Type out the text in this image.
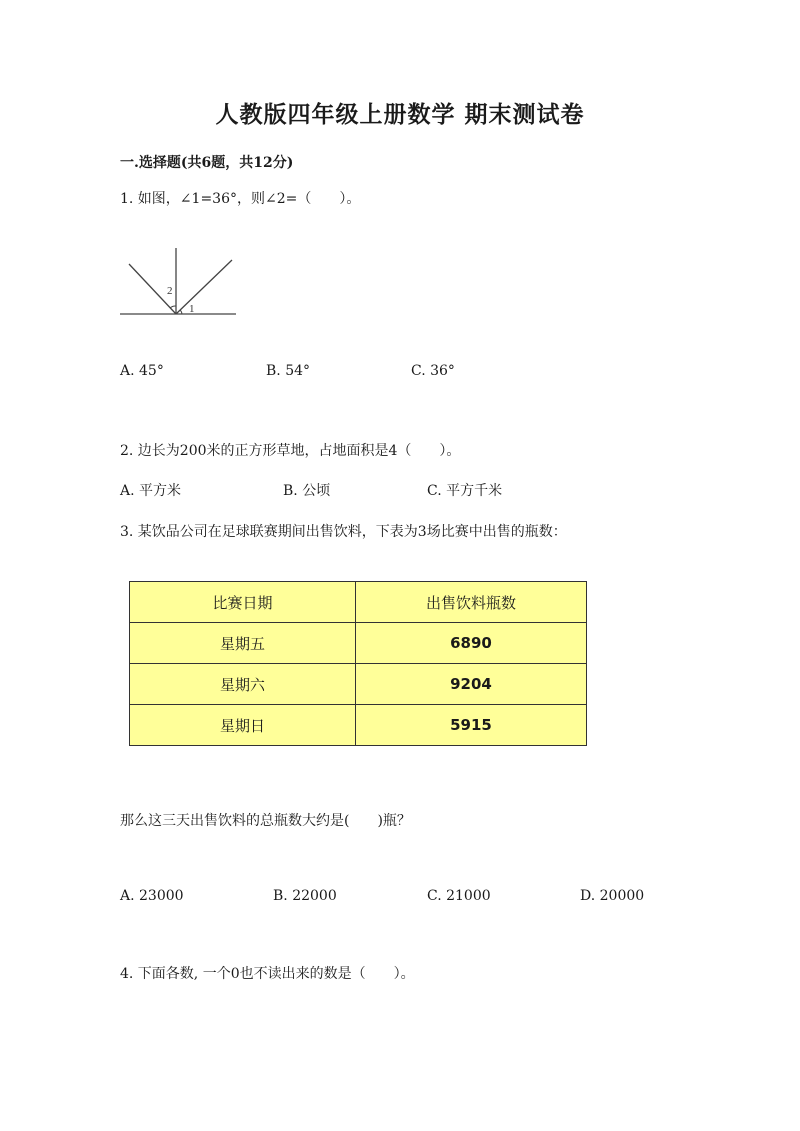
人教版四年级上册数学 期末测试卷
一.选择题(共6题，共12分)
1. 如图，∠1=36°，则∠2=（　　）。
2
1
A. 45°	B. 54°	C. 36°
2. 边长为200米的正方形草地，占地面积是4（　　）。
A. 平方米	B. 公顷	C. 平方千米
3. 某饮品公司在足球联赛期间出售饮料，下表为3场比赛中出售的瓶数：
比赛日期	出售饮料瓶数
星期五	6890
星期六	9204
星期日	5915
那么这三天出售饮料的总瓶数大约是(　　)瓶？
A. 23000	B. 22000	C. 21000	D. 20000
4. 下面各数, 一个0也不读出来的数是（　　）。
